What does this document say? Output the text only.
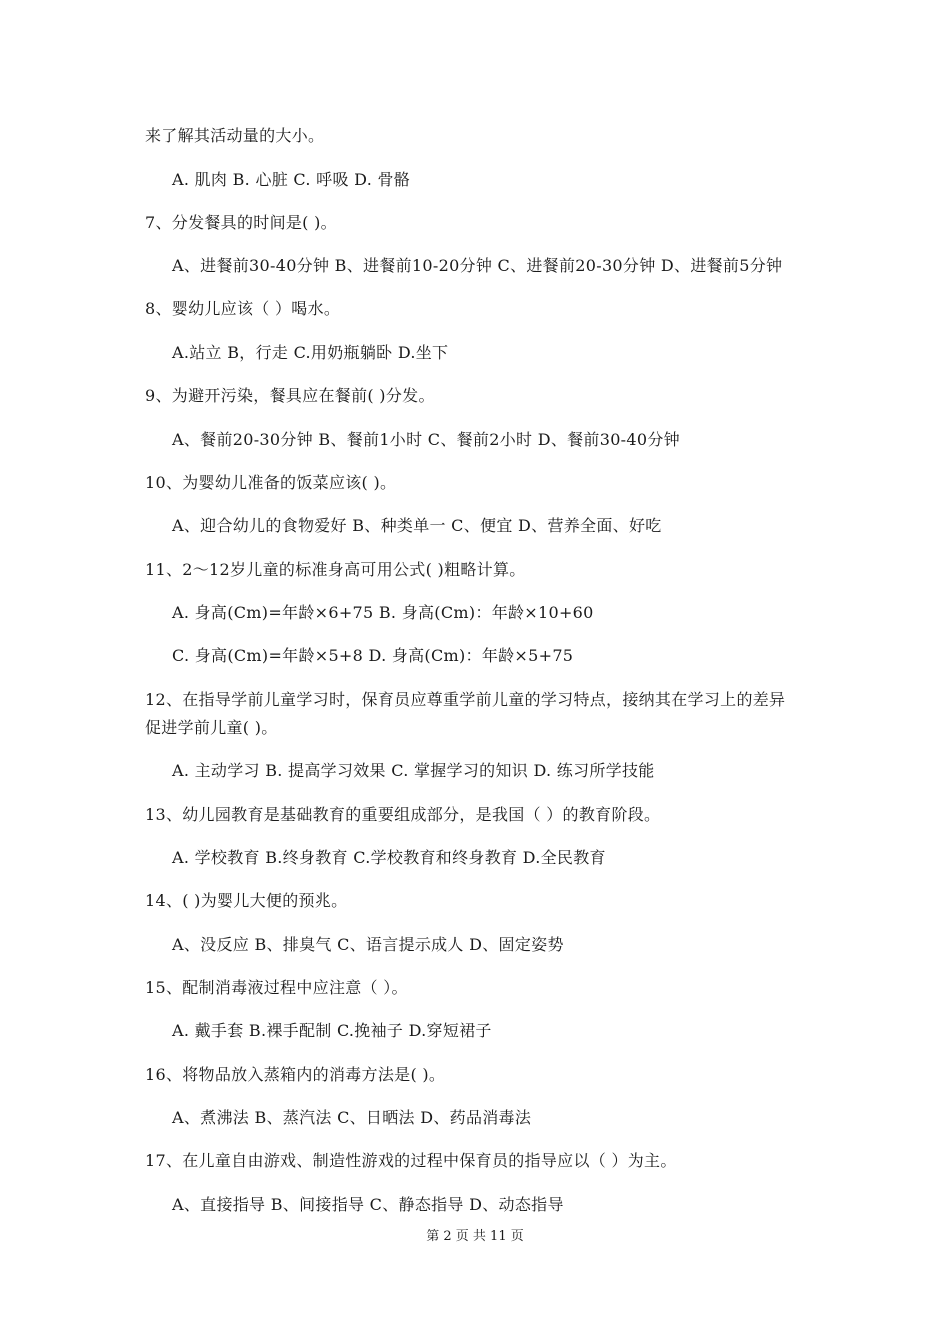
来了解其活动量的大小。
A. 肌肉 B. 心脏 C. 呼吸 D. 骨骼
7、分发餐具的时间是( )。
A、进餐前30-40分钟 B、进餐前10-20分钟 C、进餐前20-30分钟 D、进餐前5分钟
8、婴幼儿应该（ ）喝水。
A.站立 B，行走 C.用奶瓶躺卧 D.坐下
9、为避开污染，餐具应在餐前( )分发。
A、餐前20-30分钟 B、餐前1小时 C、餐前2小时 D、餐前30-40分钟
10、为婴幼儿准备的饭菜应该( )。
A、迎合幼儿的食物爱好 B、种类单一 C、便宜 D、营养全面、好吃
11、2～12岁儿童的标准身高可用公式( )粗略计算。
A. 身高(Cm)=年龄×6+75 B. 身高(Cm)：年龄×10+60
C. 身高(Cm)=年龄×5+8 D. 身高(Cm)：年龄×5+75
12、在指导学前儿童学习时，保育员应尊重学前儿童的学习特点，接纳其在学习上的差异
促进学前儿童( )。
A. 主动学习 B. 提高学习效果 C. 掌握学习的知识 D. 练习所学技能
13、幼儿园教育是基础教育的重要组成部分，是我国（ ）的教育阶段。
A. 学校教育 B.终身教育 C.学校教育和终身教育 D.全民教育
14、( )为婴儿大便的预兆。
A、没反应 B、排臭气 C、语言提示成人 D、固定姿势
15、配制消毒液过程中应注意（ ）。
A. 戴手套 B.裸手配制 C.挽袖子 D.穿短裙子
16、将物品放入蒸箱内的消毒方法是( )。
A、煮沸法 B、蒸汽法 C、日晒法 D、药品消毒法
17、在儿童自由游戏、制造性游戏的过程中保育员的指导应以（ ）为主。
A、直接指导 B、间接指导 C、静态指导 D、动态指导
第 2 页 共 11 页
